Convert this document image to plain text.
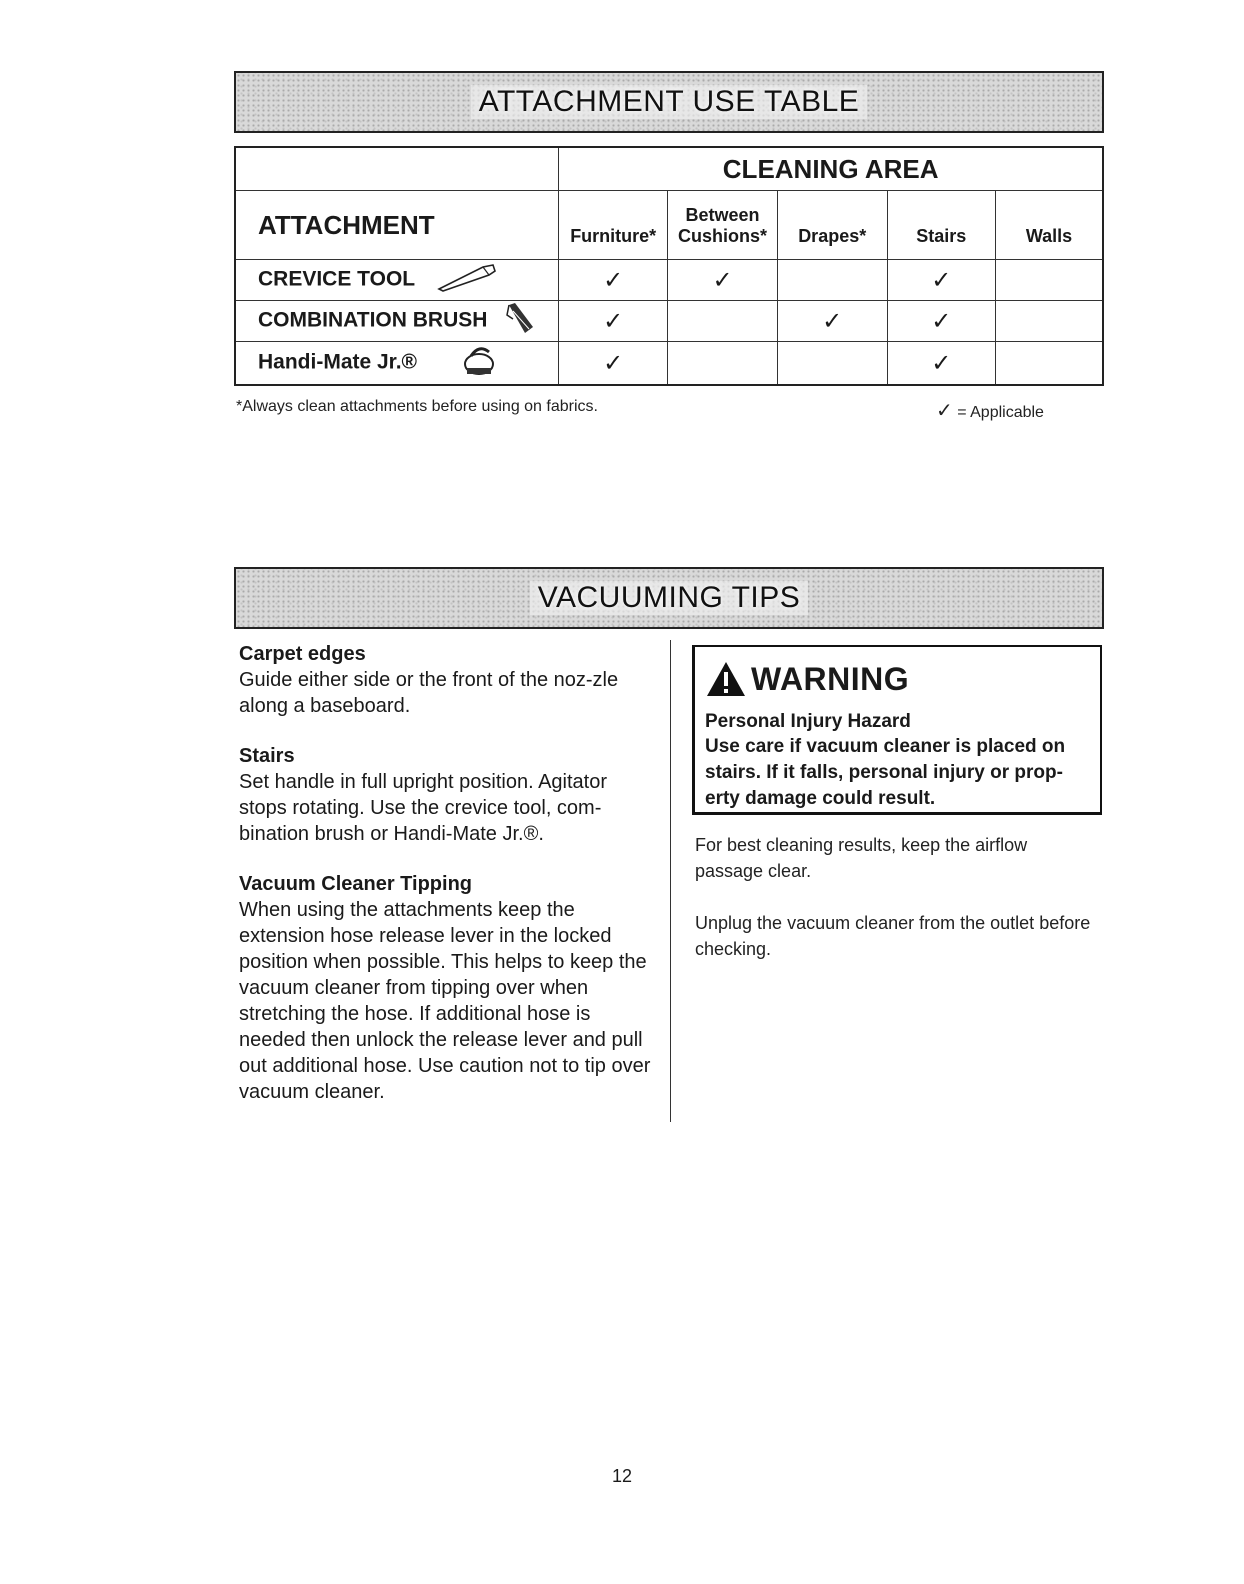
ATTACHMENT USE TABLE
	CLEANING AREA				
ATTACHMENT	Furniture*	Between
Cushions*	Drapes*	Stairs	Walls

CREVICE TOOL	✓	✓		✓	
COMBINATION BRUSH	✓		✓	✓	
Handi-Mate Jr.®	✓			✓	
*Always clean attachments before using on fabrics.	✓ = Applicable
VACUUMING TIPS
Carpet edges

Guide either side or the front of the noz-zle along a baseboard.

Stairs

Set handle in full upright position. Agitator stops rotating. Use the crevice tool, com-bination brush or Handi-Mate Jr.®.

Vacuum Cleaner Tipping

When using the attachments keep the extension hose release lever in the locked position when possible. This helps to keep the vacuum cleaner from tipping over when stretching the hose. If additional hose is needed then unlock the release lever and pull out additional hose. Use caution not to tip over vacuum cleaner.

WARNING
Personal Injury Hazard
Use care if vacuum cleaner is placed on stairs. If it falls, personal injury or prop-erty damage could result.

For best cleaning results, keep the airflow passage clear.

Unplug the vacuum cleaner from the outlet before checking.

12
